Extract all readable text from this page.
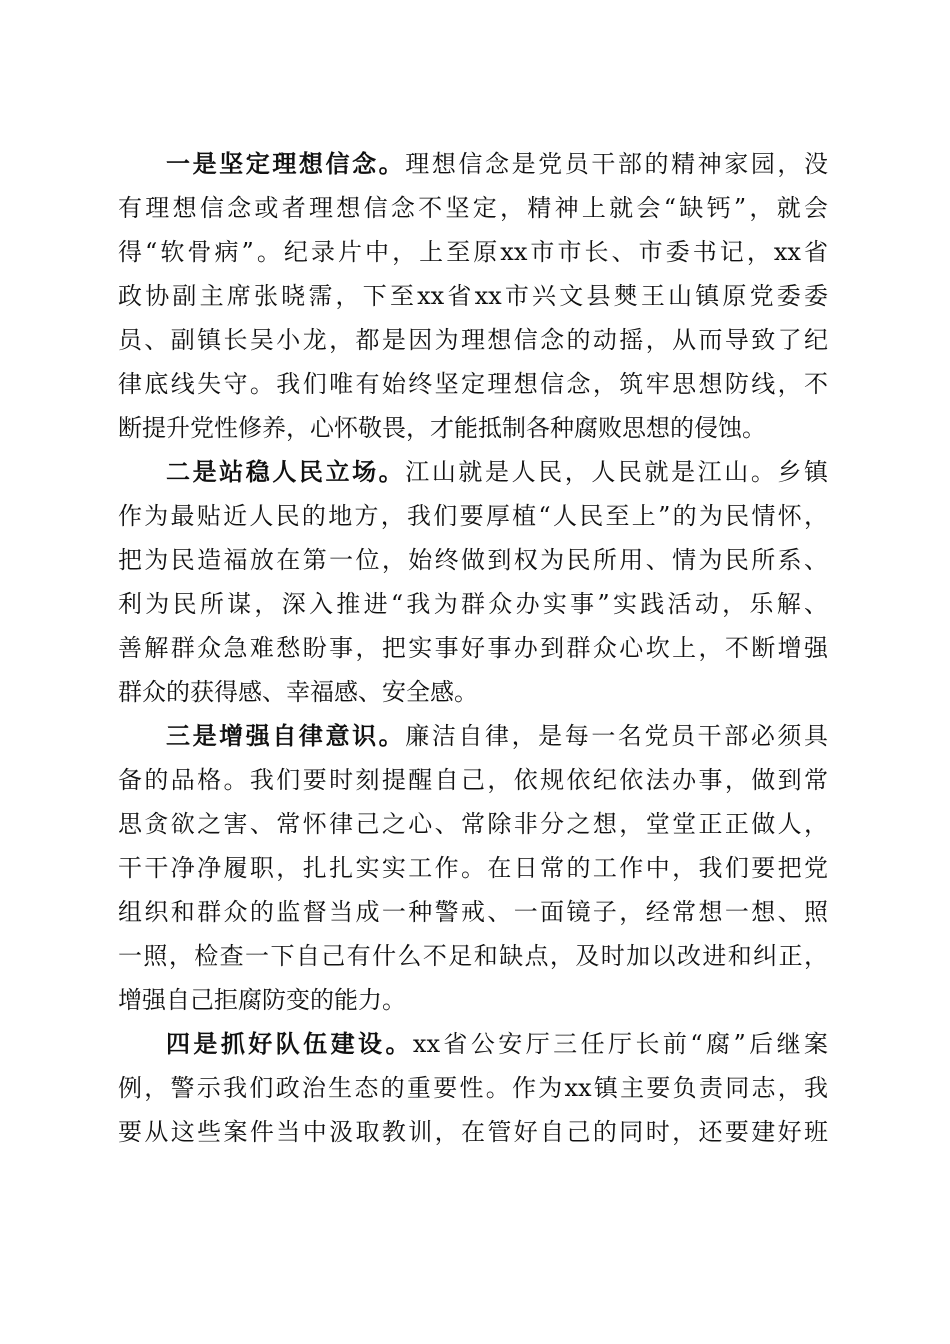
一是坚定理想信念。理想信念是党员干部的精神家园，没
有理想信念或者理想信念不坚定，精神上就会“缺钙”，就会
得“软骨病”。纪录片中，上至原xx市市长、市委书记，xx省
政协副主席张晓霈，下至xx省xx市兴文县僰王山镇原党委委
员、副镇长吴小龙，都是因为理想信念的动摇，从而导致了纪
律底线失守。我们唯有始终坚定理想信念，筑牢思想防线，不
断提升党性修养，心怀敬畏，才能抵制各种腐败思想的侵蚀。
二是站稳人民立场。江山就是人民，人民就是江山。乡镇
作为最贴近人民的地方，我们要厚植“人民至上”的为民情怀，
把为民造福放在第一位，始终做到权为民所用、情为民所系、
利为民所谋，深入推进“我为群众办实事”实践活动，乐解、
善解群众急难愁盼事，把实事好事办到群众心坎上，不断增强
群众的获得感、幸福感、安全感。
三是增强自律意识。廉洁自律，是每一名党员干部必须具
备的品格。我们要时刻提醒自己，依规依纪依法办事，做到常
思贪欲之害、常怀律己之心、常除非分之想，堂堂正正做人，
干干净净履职，扎扎实实工作。在日常的工作中，我们要把党
组织和群众的监督当成一种警戒、一面镜子，经常想一想、照
一照，检查一下自己有什么不足和缺点，及时加以改进和纠正，
增强自己拒腐防变的能力。
四是抓好队伍建设。xx省公安厅三任厅长前“腐”后继案
例，警示我们政治生态的重要性。作为xx镇主要负责同志，我
要从这些案件当中汲取教训，在管好自己的同时，还要建好班
